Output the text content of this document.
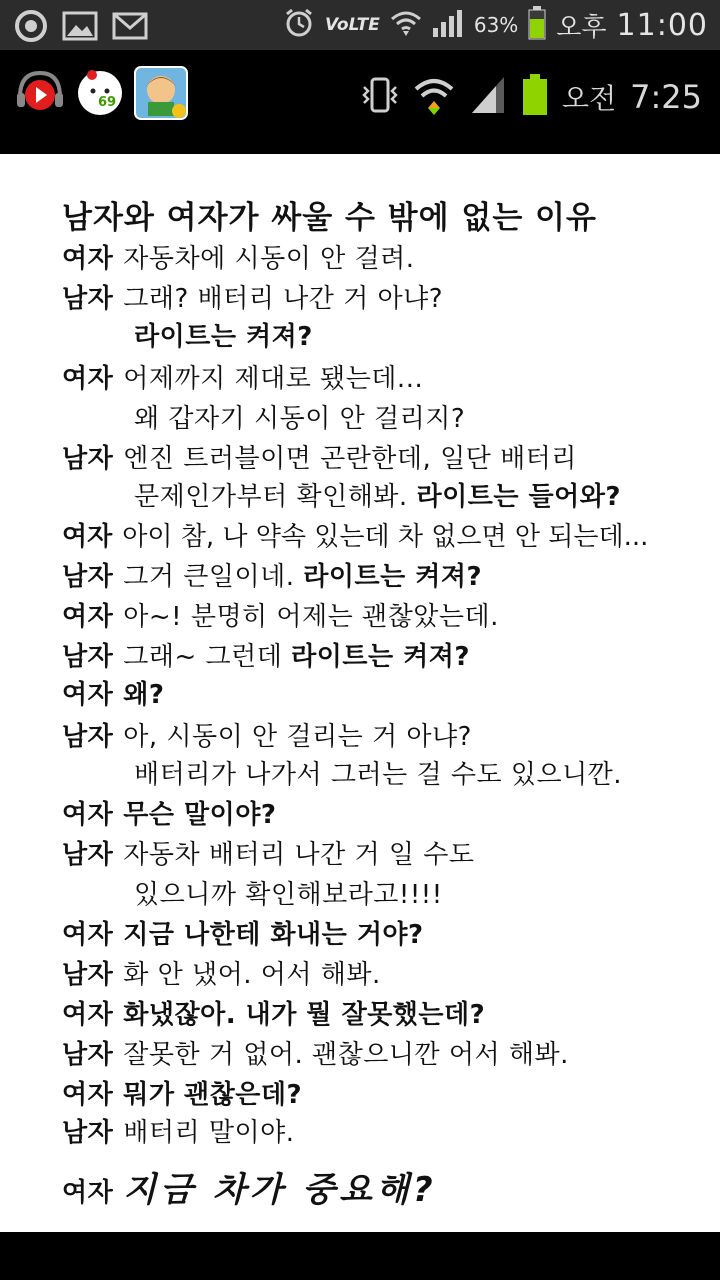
VoLTE	63% 오후 11:00
69	오전 7:25
남자와 여자가 싸울 수 밖에 없는 이유
여자 자동차에 시동이 안 걸려.
남자 그래? 배터리 나간 거 아냐?
라이트는 켜져?
여자 어제까지 제대로 됐는데...
왜 갑자기 시동이 안 걸리지?
남자 엔진 트러블이면 곤란한데, 일단 배터리
문제인가부터 확인해봐. 라이트는 들어와?
여자 아이 참, 나 약속 있는데 차 없으면 안 되는데...
남자 그거 큰일이네. 라이트는 켜져?
여자 아~! 분명히 어제는 괜찮았는데.
남자 그래~ 그런데 라이트는 켜져?
여자 왜?
남자 아, 시동이 안 걸리는 거 아냐?
배터리가 나가서 그러는 걸 수도 있으니깐.
여자 무슨 말이야?
남자 자동차 배터리 나간 거 일 수도
있으니까 확인해보라고!!!!
여자 지금 나한테 화내는 거야?
남자 화 안 냈어. 어서 해봐.
여자 화냈잖아. 내가 뭘 잘못했는데?
남자 잘못한 거 없어. 괜찮으니깐 어서 해봐.
여자 뭐가 괜찮은데?
남자 배터리 말이야.
여자 지금 차가 중요해?
